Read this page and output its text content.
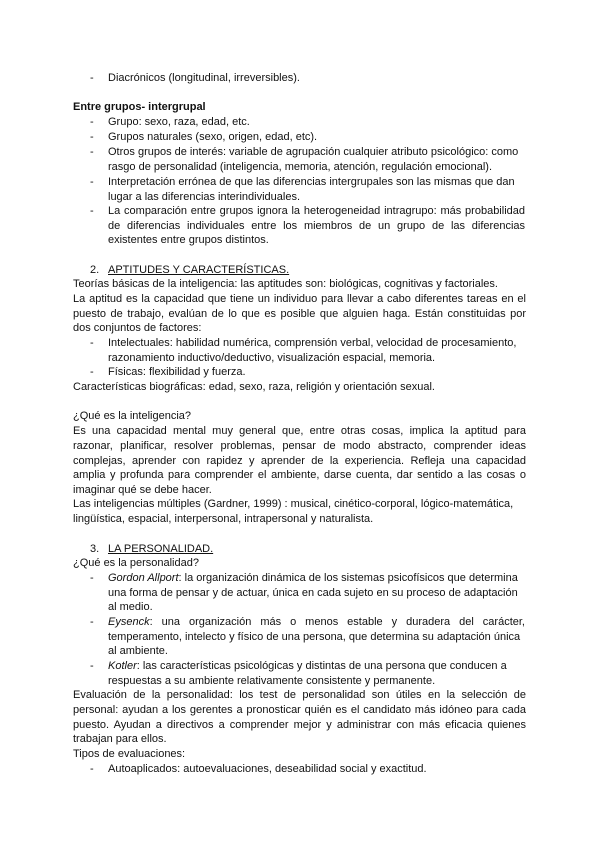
- Diacrónicos (longitudinal, irreversibles).
Entre grupos- intergrupal
- Grupo: sexo, raza, edad, etc.
- Grupos naturales (sexo, origen, edad, etc).
- Otros grupos de interés: variable de agrupación cualquier atributo psicológico: como
rasgo de personalidad (inteligencia, memoria, atención, regulación emocional).
- Interpretación errónea de que las diferencias intergrupales son las mismas que dan
lugar a las diferencias interindividuales.
- La comparación entre grupos ignora la heterogeneidad intragrupo: más probabilidad
de diferencias individuales entre los miembros de un grupo de las diferencias
existentes entre grupos distintos.
2. APTITUDES Y CARACTERÍSTICAS.
Teorías básicas de la inteligencia: las aptitudes son: biológicas, cognitivas y factoriales.
La aptitud es la capacidad que tiene un individuo para llevar a cabo diferentes tareas en el
puesto de trabajo, evalúan de lo que es posible que alguien haga. Están constituidas por
dos conjuntos de factores:
- Intelectuales: habilidad numérica, comprensión verbal, velocidad de procesamiento,
razonamiento inductivo/deductivo, visualización espacial, memoria.
- Físicas: flexibilidad y fuerza.
Características biográficas: edad, sexo, raza, religión y orientación sexual.
¿Qué es la inteligencia?
Es una capacidad mental muy general que, entre otras cosas, implica la aptitud para
razonar, planificar, resolver problemas, pensar de modo abstracto, comprender ideas
complejas, aprender con rapidez y aprender de la experiencia. Refleja una capacidad
amplia y profunda para comprender el ambiente, darse cuenta, dar sentido a las cosas o
imaginar qué se debe hacer.
Las inteligencias múltiples (Gardner, 1999) : musical, cinético-corporal, lógico-matemática,
lingüística, espacial, interpersonal, intrapersonal y naturalista.
3. LA PERSONALIDAD.
¿Qué es la personalidad?
- Gordon Allport: la organización dinámica de los sistemas psicofísicos que determina
una forma de pensar y de actuar, única en cada sujeto en su proceso de adaptación
al medio.
- Eysenck: una organización más o menos estable y duradera del carácter,
temperamento, intelecto y físico de una persona, que determina su adaptación única
al ambiente.
- Kotler: las características psicológicas y distintas de una persona que conducen a
respuestas a su ambiente relativamente consistente y permanente.
Evaluación de la personalidad: los test de personalidad son útiles en la selección de
personal: ayudan a los gerentes a pronosticar quién es el candidato más idóneo para cada
puesto. Ayudan a directivos a comprender mejor y administrar con más eficacia quienes
trabajan para ellos.
Tipos de evaluaciones:
- Autoaplicados: autoevaluaciones, deseabilidad social y exactitud.
